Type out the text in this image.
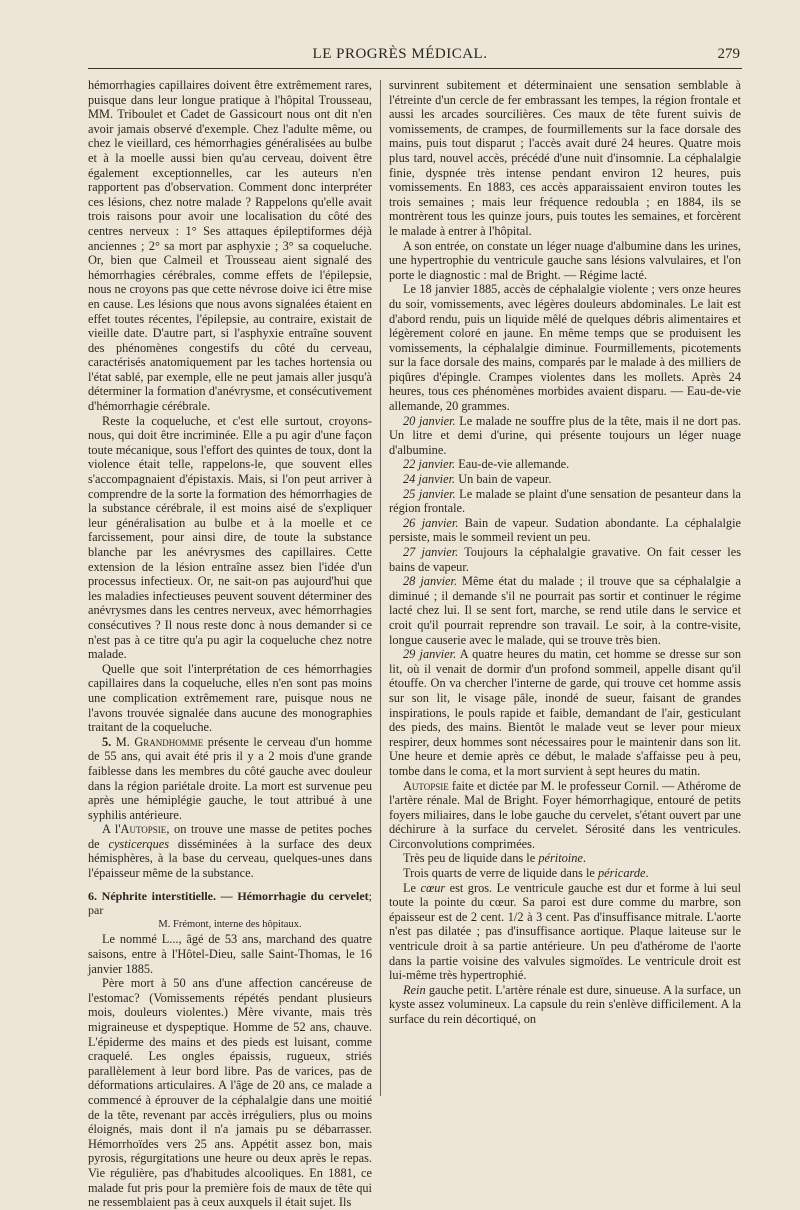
LE PROGRÈS MÉDICAL.	279

hémorrhagies capillaires doivent être extrêmement rares, puisque dans leur longue pratique à l'hôpital Trousseau, MM. Triboulet et Cadet de Gassicourt nous ont dit n'en avoir jamais observé d'exemple. Chez l'adulte même, ou chez le vieillard, ces hémorrhagies généralisées au bulbe et à la moelle aussi bien qu'au cerveau, doivent être également exceptionnelles, car les auteurs n'en rapportent pas d'observation. Comment donc interpréter ces lésions, chez notre malade ? Rappelons qu'elle avait trois raisons pour avoir une localisation du côté des centres nerveux : 1° Ses attaques épileptiformes déjà anciennes ; 2° sa mort par asphyxie ; 3° sa coqueluche. Or, bien que Calmeil et Trousseau aient signalé des hémorrhagies cérébrales, comme effets de l'épilepsie, nous ne croyons pas que cette névrose doive ici être mise en cause. Les lésions que nous avons signalées étaient en effet toutes récentes, l'épilepsie, au contraire, existait de vieille date. D'autre part, si l'asphyxie entraîne souvent des phénomènes congestifs du côté du cerveau, caractérisés anatomiquement par les taches hortensia ou l'état sablé, par exemple, elle ne peut jamais aller jusqu'à déterminer la formation d'anévrysme, et consécutivement d'hémorrhagie cérébrale.

Reste la coqueluche, et c'est elle surtout, croyons-nous, qui doit être incriminée. Elle a pu agir d'une façon toute mécanique, sous l'effort des quintes de toux, dont la violence était telle, rappelons-le, que souvent elles s'accompagnaient d'épistaxis. Mais, si l'on peut arriver à comprendre de la sorte la formation des hémorrhagies de la substance cérébrale, il est moins aisé de s'expliquer leur généralisation au bulbe et à la moelle et ce farcissement, pour ainsi dire, de toute la substance blanche par les anévrysmes des capillaires. Cette extension de la lésion entraîne assez bien l'idée d'un processus infectieux. Or, ne sait-on pas aujourd'hui que les maladies infectieuses peuvent souvent déterminer des anévrysmes dans les centres nerveux, avec hémorrhagies consécutives ? Il nous reste donc à nous demander si ce n'est pas à ce titre qu'a pu agir la coqueluche chez notre malade.

Quelle que soit l'interprétation de ces hémorrhagies capillaires dans la coqueluche, elles n'en sont pas moins une complication extrêmement rare, puisque nous ne l'avons trouvée signalée dans aucune des monographies traitant de la coqueluche.

5. M. Grandhomme présente le cerveau d'un homme de 55 ans, qui avait été pris il y a 2 mois d'une grande faiblesse dans les membres du côté gauche avec douleur dans la région pariétale droite. La mort est survenue peu après une hémiplégie gauche, le tout attribué à une syphilis antérieure.

A l'Autopsie, on trouve une masse de petites poches de cysticerques disséminées à la surface des deux hémisphères, à la base du cerveau, quelques-unes dans l'épaisseur même de la substance.

6. Néphrite interstitielle. — Hémorrhagie du cervelet; par

M. Frémont, interne des hôpitaux.

Le nommé L..., âgé de 53 ans, marchand des quatre saisons, entre à l'Hôtel-Dieu, salle Saint-Thomas, le 16 janvier 1885.

Père mort à 50 ans d'une affection cancéreuse de l'estomac? (Vomissements répétés pendant plusieurs mois, douleurs violentes.) Mère vivante, mais très migraineuse et dyspeptique. Homme de 52 ans, chauve. L'épiderme des mains et des pieds est luisant, comme craquelé. Les ongles épaissis, rugueux, striés parallèlement à leur bord libre. Pas de varices, pas de déformations articulaires. A l'âge de 20 ans, ce malade a commencé à éprouver de la céphalalgie dans une moitié de la tête, revenant par accès irréguliers, plus ou moins éloignés, mais dont il n'a jamais pu se débarrasser. Hémorrhoïdes vers 25 ans. Appétit assez bon, mais pyrosis, régurgitations une heure ou deux après le repas. Vie régulière, pas d'habitudes alcooliques. En 1881, ce malade fut pris pour la première fois de maux de tête qui ne ressemblaient pas à ceux auxquels il était sujet. Ils

survinrent subitement et déterminaient une sensation semblable à l'étreinte d'un cercle de fer embrassant les tempes, la région frontale et aussi les arcades sourcilières. Ces maux de tête furent suivis de vomissements, de crampes, de fourmillements sur la face dorsale des mains, puis tout disparut ; l'accès avait duré 24 heures. Quatre mois plus tard, nouvel accès, précédé d'une nuit d'insomnie. La céphalalgie finie, dyspnée très intense pendant environ 12 heures, puis vomissements. En 1883, ces accès apparaissaient environ toutes les trois semaines ; mais leur fréquence redoubla ; en 1884, ils se montrèrent tous les quinze jours, puis toutes les semaines, et forcèrent le malade à entrer à l'hôpital.

A son entrée, on constate un léger nuage d'albumine dans les urines, une hypertrophie du ventricule gauche sans lésions valvulaires, et l'on porte le diagnostic : mal de Bright. — Régime lacté.

Le 18 janvier 1885, accès de céphalalgie violente ; vers onze heures du soir, vomissements, avec légères douleurs abdominales. Le lait est d'abord rendu, puis un liquide mêlé de quelques débris alimentaires et légèrement coloré en jaune. En même temps que se produisent les vomissements, la céphalalgie diminue. Fourmillements, picotements sur la face dorsale des mains, comparés par le malade à des milliers de piqûres d'épingle. Crampes violentes dans les mollets. Après 24 heures, tous ces phénomènes morbides avaient disparu. — Eau-de-vie allemande, 20 grammes.

20 janvier. Le malade ne souffre plus de la tête, mais il ne dort pas. Un litre et demi d'urine, qui présente toujours un léger nuage d'albumine.

22 janvier. Eau-de-vie allemande.

24 janvier. Un bain de vapeur.

25 janvier. Le malade se plaint d'une sensation de pesanteur dans la région frontale.

26 janvier. Bain de vapeur. Sudation abondante. La céphalalgie persiste, mais le sommeil revient un peu.

27 janvier. Toujours la céphalalgie gravative. On fait cesser les bains de vapeur.

28 janvier. Même état du malade ; il trouve que sa céphalalgie a diminué ; il demande s'il ne pourrait pas sortir et continuer le régime lacté chez lui. Il se sent fort, marche, se rend utile dans le service et croit qu'il pourrait reprendre son travail. Le soir, à la contre-visite, longue causerie avec le malade, qui se trouve très bien.

29 janvier. A quatre heures du matin, cet homme se dresse sur son lit, où il venait de dormir d'un profond sommeil, appelle disant qu'il étouffe. On va chercher l'interne de garde, qui trouve cet homme assis sur son lit, le visage pâle, inondé de sueur, faisant de grandes inspirations, le pouls rapide et faible, demandant de l'air, gesticulant des pieds, des mains. Bientôt le malade veut se lever pour mieux respirer, deux hommes sont nécessaires pour le maintenir dans son lit. Une heure et demie après ce début, le malade s'affaisse peu à peu, tombe dans le coma, et la mort survient à sept heures du matin.

Autopsie faite et dictée par M. le professeur Cornil. — Athérome de l'artère rénale. Mal de Bright. Foyer hémorrhagique, entouré de petits foyers miliaires, dans le lobe gauche du cervelet, s'étant ouvert par une déchirure à la surface du cervelet. Sérosité dans les ventricules. Circonvolutions comprimées.

Très peu de liquide dans le péritoine.

Trois quarts de verre de liquide dans le péricarde.

Le cœur est gros. Le ventricule gauche est dur et forme à lui seul toute la pointe du cœur. Sa paroi est dure comme du marbre, son épaisseur est de 2 cent. 1/2 à 3 cent. Pas d'insuffisance mitrale. L'aorte n'est pas dilatée ; pas d'insuffisance aortique. Plaque laiteuse sur le ventricule droit à sa partie antérieure. Un peu d'athérome de l'aorte dans la partie voisine des valvules sigmoïdes. Le ventricule droit est lui-même très hypertrophié.

Rein gauche petit. L'artère rénale est dure, sinueuse. A la surface, un kyste assez volumineux. La capsule du rein s'enlève difficilement. A la surface du rein décortiqué, on
